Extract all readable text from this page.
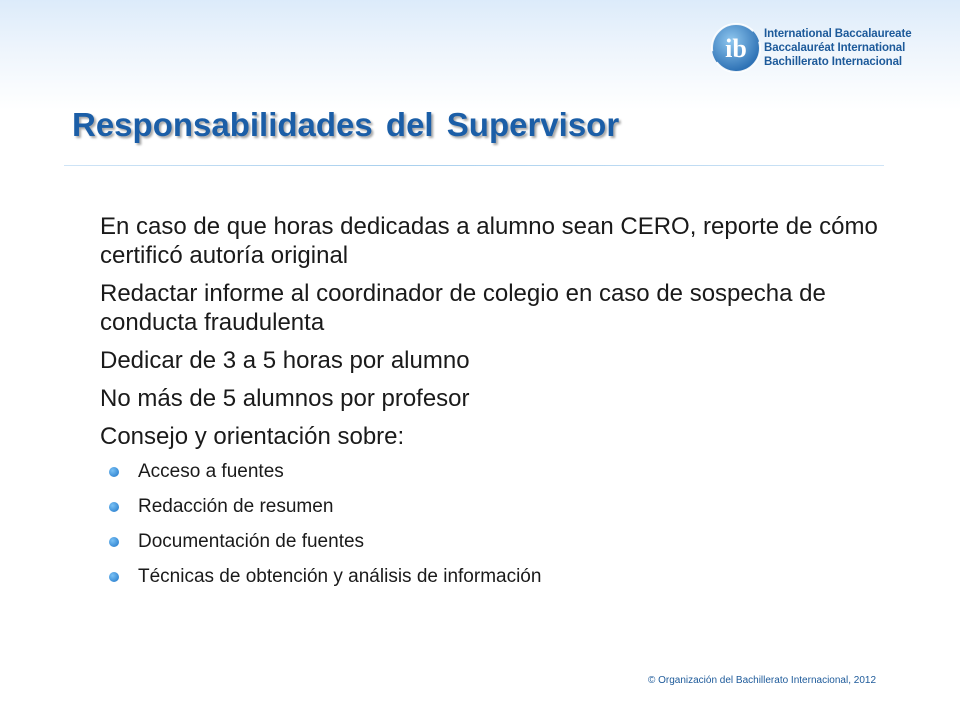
ib International Baccalaureate
Baccalauréat International
Bachillerato Internacional
Responsabilidades del Supervisor
En caso de que horas dedicadas a alumno sean CERO, reporte de cómo certificó autoría original
Redactar informe al coordinador de colegio en caso de sospecha de conducta fraudulenta
Dedicar de 3 a 5 horas por alumno
No más de 5 alumnos por profesor
Consejo y orientación sobre:
Acceso a fuentes
Redacción de resumen
Documentación de fuentes
Técnicas de obtención y análisis de información
© Organización del Bachillerato Internacional, 2012
